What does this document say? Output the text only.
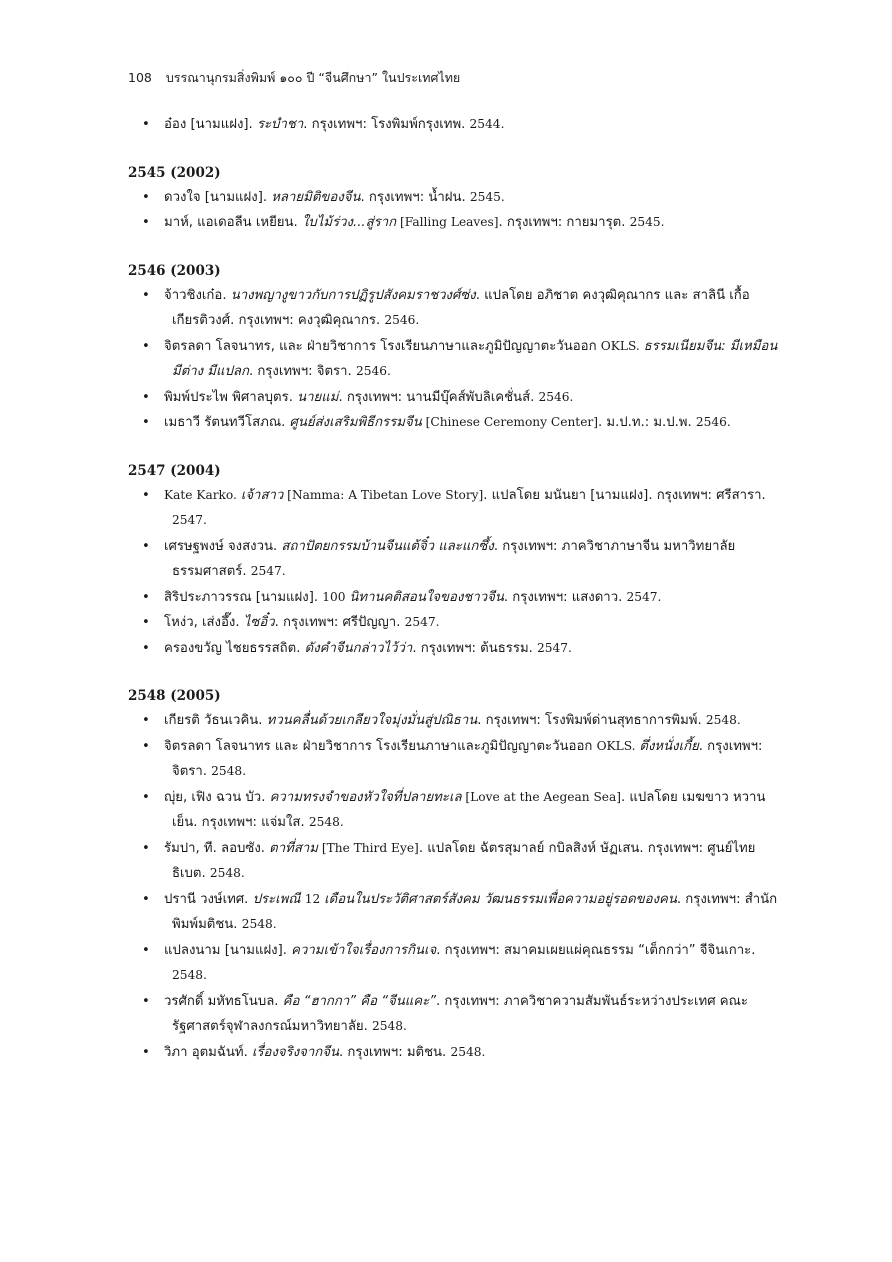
108 บรรณานุกรมสิ่งพิมพ์ ๑๐๐ ปี “จีนศึกษา” ในประเทศไทย
• อ๋อง [นามแฝง]. ระบำชา. กรุงเทพฯ: โรงพิมพ์กรุงเทพ. 2544.
2545 (2002)
• ดวงใจ [นามแฝง]. หลายมิติของจีน. กรุงเทพฯ: น้ำฝน. 2545.
• มาห์, แอเดอลีน เหยียน. ใบไม้ร่วง...สู่ราก [Falling Leaves]. กรุงเทพฯ: กายมารุต. 2545.
2546 (2003)
• จ้าวชิงเก๋อ. นางพญางูขาวกับการปฏิรูปสังคมราชวงศ์ซ่ง. แปลโดย อภิชาต คงวุฒิคุณากร และ สาลินี เกื้อเกียรติวงศ์. กรุงเทพฯ: คงวุฒิคุณากร. 2546.
• จิตรลดา โลจนาทร, และ ฝ่ายวิชาการ โรงเรียนภาษาและภูมิปัญญาตะวันออก OKLS. ธรรมเนียมจีน: มีเหมือน มีต่าง มีแปลก. กรุงเทพฯ: จิตรา. 2546.
• พิมพ์ประไพ พิศาลบุตร. นายแม่. กรุงเทพฯ: นานมีบุ๊คส์พับลิเคชั่นส์. 2546.
• เมธาวี รัตนทวีโสภณ. ศูนย์ส่งเสริมพิธีกรรมจีน [Chinese Ceremony Center]. ม.ป.ท.: ม.ป.พ. 2546.
2547 (2004)
• Kate Karko. เจ้าสาว [Namma: A Tibetan Love Story]. แปลโดย มนันยา [นามแฝง]. กรุงเทพฯ: ศรีสารา. 2547.
• เศรษฐพงษ์ จงสงวน. สถาปัตยกรรมบ้านจีนแต้จิ๋ว และแกซึ้ง. กรุงเทพฯ: ภาควิชาภาษาจีน มหาวิทยาลัยธรรมศาสตร์. 2547.
• สิริประภาวรรณ [นามแฝง]. 100 นิทานคติสอนใจของชาวจีน. กรุงเทพฯ: แสงดาว. 2547.
• โหง่ว, เส่งอึ๊ง. ไซอิ๋ว. กรุงเทพฯ: ศรีปัญญา. 2547.
• ครองขวัญ ไชยธรรสถิต. ดังคำจีนกล่าวไว้ว่า. กรุงเทพฯ: ต้นธรรม. 2547.
2548 (2005)
• เกียรติ วัธนเวคิน. ทวนคลื่นด้วยเกลียวใจมุ่งมั่นสู่ปณิธาน. กรุงเทพฯ: โรงพิมพ์ด่านสุทธาการพิมพ์. 2548.
• จิตรลดา โลจนาทร และ ฝ่ายวิชาการ โรงเรียนภาษาและภูมิปัญญาตะวันออก OKLS. ตึ่งหนั่งเกี้ย. กรุงเทพฯ: จิตรา. 2548.
• ญุ่ย, เฟิง ฉวน บัว. ความทรงจำของหัวใจที่ปลายทะเล [Love at the Aegean Sea]. แปลโดย เมฆขาว หวานเย็น. กรุงเทพฯ: แจ่มใส. 2548.
• รัมปา, ที. ลอบซัง. ตาที่สาม [The Third Eye]. แปลโดย ฉัตรสุมาลย์ กบิลสิงห์ ษัฏเสน. กรุงเทพฯ: ศูนย์ไทยธิเบต. 2548.
• ปรานี วงษ์เทศ. ประเพณี 12 เดือนในประวัติศาสตร์สังคม วัฒนธรรมเพื่อความอยู่รอดของคน. กรุงเทพฯ: สำนักพิมพ์มติชน. 2548.
• แปลงนาม [นามแฝง]. ความเข้าใจเรื่องการกินเจ. กรุงเทพฯ: สมาคมเผยแผ่คุณธรรม “เต็กกว่า” จีจินเกาะ. 2548.
• วรศักดิ์ มหัทธโนบล. คือ “ฮากกา” คือ “จีนแคะ”. กรุงเทพฯ: ภาควิชาความสัมพันธ์ระหว่างประเทศ คณะรัฐศาสตร์จุฬาลงกรณ์มหาวิทยาลัย. 2548.
• วิภา อุตมฉันท์. เรื่องจริงจากจีน. กรุงเทพฯ: มติชน. 2548.
